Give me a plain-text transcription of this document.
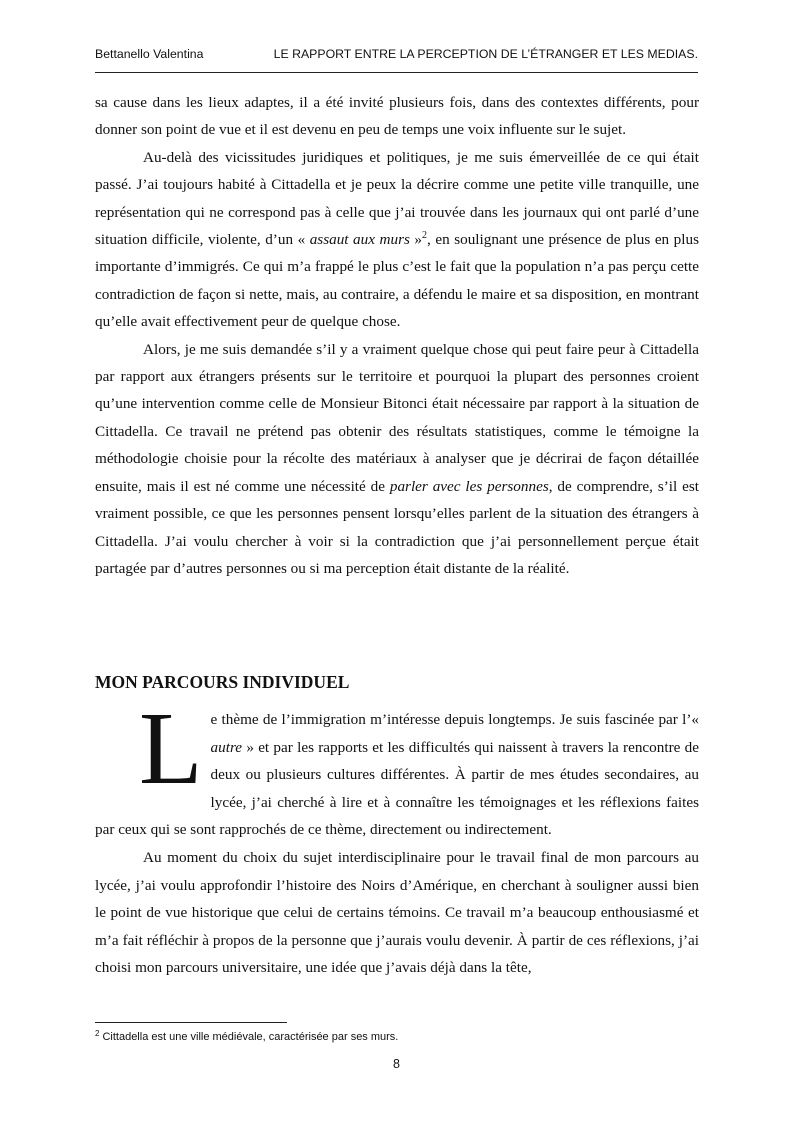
Bettanello Valentina	LE RAPPORT ENTRE LA PERCEPTION DE L’ÉTRANGER ET LES MEDIAS.

sa cause dans les lieux adaptes, il a été invité plusieurs fois, dans des contextes différents, pour donner son point de vue et il est devenu en peu de temps une voix influente sur le sujet.

Au-delà des vicissitudes juridiques et politiques, je me suis émerveillée de ce qui était passé. J’ai toujours habité à Cittadella et je peux la décrire comme une petite ville tranquille, une représentation qui ne correspond pas à celle que j’ai trouvée dans les journaux qui ont parlé d’une situation difficile, violente, d’un « assaut aux murs »$^2$, en soulignant une présence de plus en plus importante d’immigrés. Ce qui m’a frappé le plus c’est le fait que la population n’a pas perçu cette contradiction de façon si nette, mais, au contraire, a défendu le maire et sa disposition, en montrant qu’elle avait effectivement peur de quelque chose.

Alors, je me suis demandée s’il y a vraiment quelque chose qui peut faire peur à Cittadella par rapport aux étrangers présents sur le territoire et pourquoi la plupart des personnes croient qu’une intervention comme celle de Monsieur Bitonci était nécessaire par rapport à la situation de Cittadella. Ce travail ne prétend pas obtenir des résultats statistiques, comme le témoigne la méthodologie choisie pour la récolte des matériaux à analyser que je décrirai de façon détaillée ensuite, mais il est né comme une nécessité de parler avec les personnes, de comprendre, s’il est vraiment possible, ce que les personnes pensent lorsqu’elles parlent de la situation des étrangers à Cittadella. J’ai voulu chercher à voir si la contradiction que j’ai personnellement perçue était partagée par d’autres personnes ou si ma perception était distante de la réalité.

MON PARCOURS INDIVIDUEL

Le thème de l’immigration m’intéresse depuis longtemps. Je suis fascinée par l’« autre » et par les rapports et les difficultés qui naissent à travers la rencontre de deux ou plusieurs cultures différentes. À partir de mes études secondaires, au lycée, j’ai cherché à lire et à connaître les témoignages et les réflexions faites par ceux qui se sont rapprochés de ce thème, directement ou indirectement.

Au moment du choix du sujet interdisciplinaire pour le travail final de mon parcours au lycée, j’ai voulu approfondir l’histoire des Noirs d’Amérique, en cherchant à souligner aussi bien le point de vue historique que celui de certains témoins. Ce travail m’a beaucoup enthousiasmé et m’a fait réfléchir à propos de la personne que j’aurais voulu devenir. À partir de ces réflexions, j’ai choisi mon parcours universitaire, une idée que j’avais déjà dans la tête,

$^2$ Cittadella est une ville médiévale, caractérisée par ses murs.
8
